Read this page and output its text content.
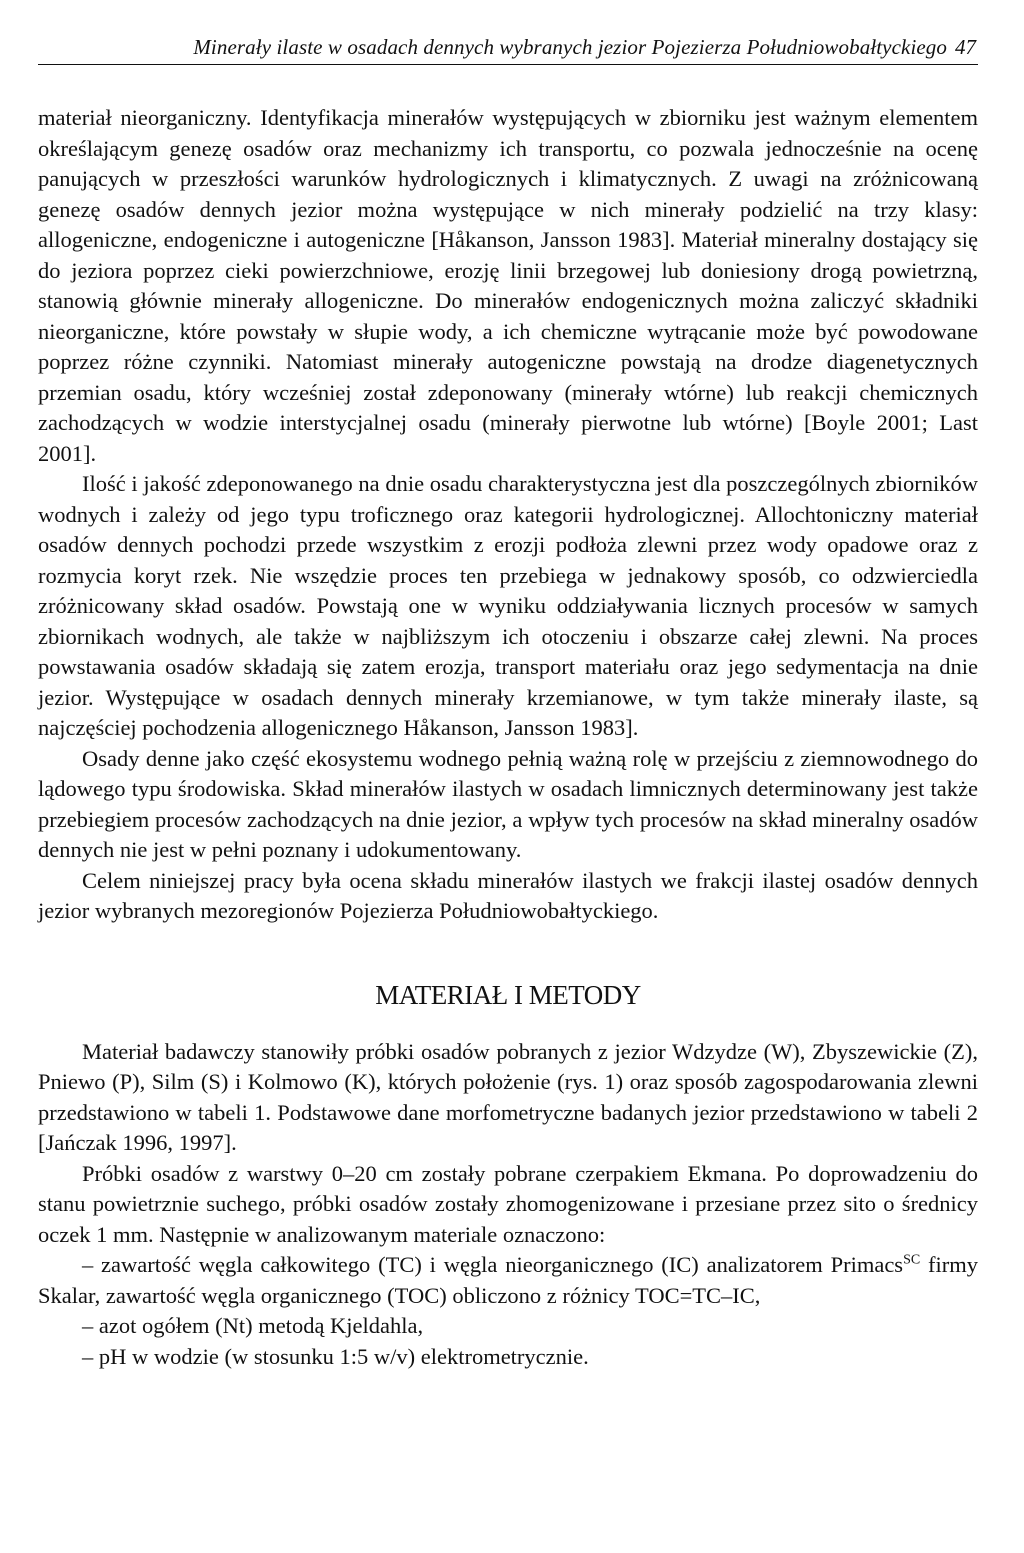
Minerały ilaste w osadach dennych wybranych jezior Pojezierza Południowobałtyckiego 47

materiał nieorganiczny. Identyfikacja minerałów występujących w zbiorniku jest ważnym elementem określającym genezę osadów oraz mechanizmy ich transportu, co pozwala jednocześnie na ocenę panujących w przeszłości warunków hydrologicznych i klimatycznych. Z uwagi na zróżnicowaną genezę osadów dennych jezior można występujące w nich minerały podzielić na trzy klasy: allogeniczne, endogeniczne i autogeniczne [Håkanson, Jansson 1983]. Materiał mineralny dostający się do jeziora poprzez cieki powierzchniowe, erozję linii brzegowej lub doniesiony drogą powietrzną, stanowią głównie minerały allogeniczne. Do minerałów endogenicznych można zaliczyć składniki nieorganiczne, które powstały w słupie wody, a ich chemiczne wytrącanie może być powodowane poprzez różne czynniki. Natomiast minerały autogeniczne powstają na drodze diagenetycznych przemian osadu, który wcześniej został zdeponowany (minerały wtórne) lub reakcji chemicznych zachodzących w wodzie interstycjalnej osadu (minerały pierwotne lub wtórne) [Boyle 2001; Last 2001].

Ilość i jakość zdeponowanego na dnie osadu charakterystyczna jest dla poszczególnych zbiorników wodnych i zależy od jego typu troficznego oraz kategorii hydrologicznej. Allochtoniczny materiał osadów dennych pochodzi przede wszystkim z erozji podłoża zlewni przez wody opadowe oraz z rozmycia koryt rzek. Nie wszędzie proces ten przebiega w jednakowy sposób, co odzwierciedla zróżnicowany skład osadów. Powstają one w wyniku oddziaływania licznych procesów w samych zbiornikach wodnych, ale także w najbliższym ich otoczeniu i obszarze całej zlewni. Na proces powstawania osadów składają się zatem erozja, transport materiału oraz jego sedymentacja na dnie jezior. Występujące w osadach dennych minerały krzemianowe, w tym także minerały ilaste, są najczęściej pochodzenia allogenicznego Håkanson, Jansson 1983].

Osady denne jako część ekosystemu wodnego pełnią ważną rolę w przejściu z ziemnowodnego do lądowego typu środowiska. Skład minerałów ilastych w osadach limnicznych determinowany jest także przebiegiem procesów zachodzących na dnie jezior, a wpływ tych procesów na skład mineralny osadów dennych nie jest w pełni poznany i udokumentowany.

Celem niniejszej pracy była ocena składu minerałów ilastych we frakcji ilastej osadów dennych jezior wybranych mezoregionów Pojezierza Południowobałtyckiego.

MATERIAŁ I METODY

Materiał badawczy stanowiły próbki osadów pobranych z jezior Wdzydze (W), Zbyszewickie (Z), Pniewo (P), Silm (S) i Kolmowo (K), których położenie (rys. 1) oraz sposób zagospodarowania zlewni przedstawiono w tabeli 1. Podstawowe dane morfometryczne badanych jezior przedstawiono w tabeli 2 [Jańczak 1996, 1997].

Próbki osadów z warstwy 0–20 cm zostały pobrane czerpakiem Ekmana. Po doprowadzeniu do stanu powietrznie suchego, próbki osadów zostały zhomogenizowane i przesiane przez sito o średnicy oczek 1 mm. Następnie w analizowanym materiale oznaczono:

– zawartość węgla całkowitego (TC) i węgla nieorganicznego (IC) analizatorem Primacs$^{SC}$ firmy Skalar, zawartość węgla organicznego (TOC) obliczono z różnicy TOC=TC–IC,

– azot ogółem (Nt) metodą Kjeldahla,

– pH w wodzie (w stosunku 1:5 w/v) elektrometrycznie.
